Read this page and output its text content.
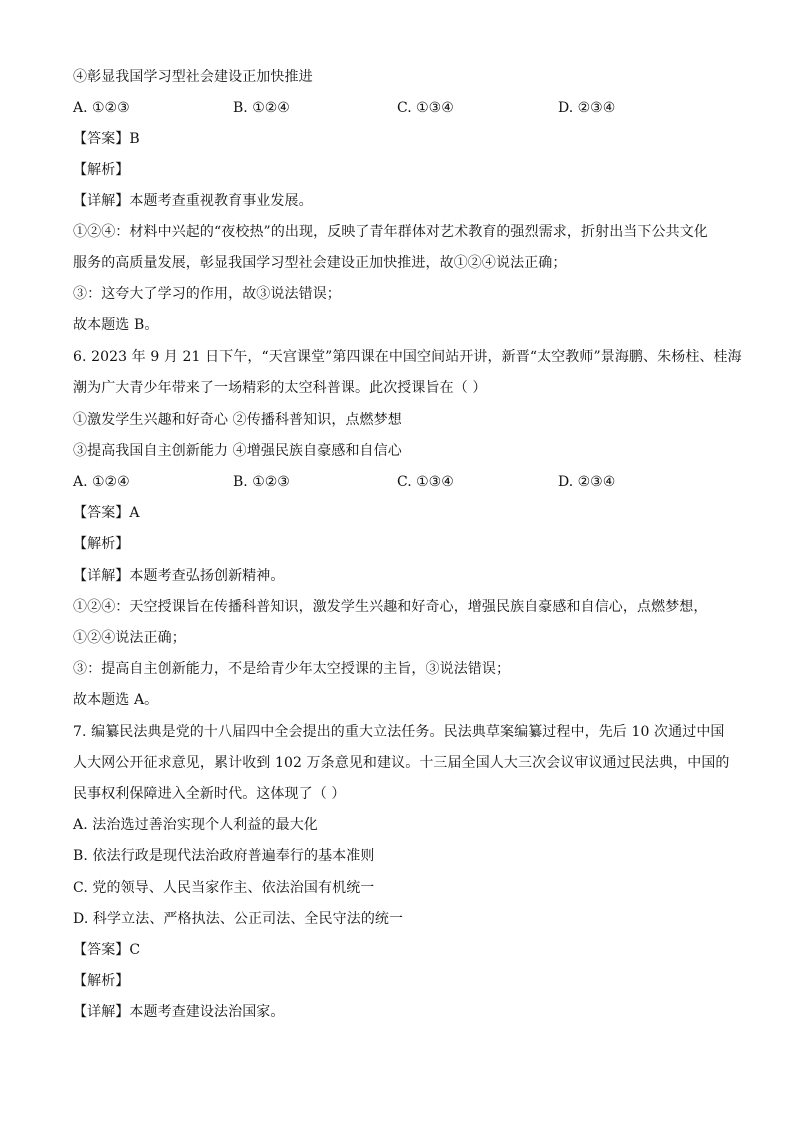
④彰显我国学习型社会建设正加快推进
A. ①②③	B. ①②④	C. ①③④	D. ②③④
【答案】B
【解析】
【详解】本题考查重视教育事业发展。
①②④：材料中兴起的“夜校热”的出现，反映了青年群体对艺术教育的强烈需求，折射出当下公共文化
服务的高质量发展，彰显我国学习型社会建设正加快推进，故①②④说法正确；
③：这夸大了学习的作用，故③说法错误；
故本题选 B。
6. 2023 年 9 月 21 日下午，“天宫课堂”第四课在中国空间站开讲，新晋“太空教师”景海鹏、朱杨柱、桂海
潮为广大青少年带来了一场精彩的太空科普课。此次授课旨在（ ）
①激发学生兴趣和好奇心 ②传播科普知识，点燃梦想
③提高我国自主创新能力 ④增强民族自豪感和自信心
A. ①②④	B. ①②③	C. ①③④	D. ②③④
【答案】A
【解析】
【详解】本题考查弘扬创新精神。
①②④：天空授课旨在传播科普知识，激发学生兴趣和好奇心，增强民族自豪感和自信心，点燃梦想，
①②④说法正确；
③：提高自主创新能力，不是给青少年太空授课的主旨，③说法错误；
故本题选 A。
7. 编纂民法典是党的十八届四中全会提出的重大立法任务。民法典草案编纂过程中，先后 10 次通过中国
人大网公开征求意见，累计收到 102 万条意见和建议。十三届全国人大三次会议审议通过民法典，中国的
民事权利保障进入全新时代。这体现了（ ）
A. 法治选过善治实现个人利益的最大化
B. 依法行政是现代法治政府普遍奉行的基本准则
C. 党的领导、人民当家作主、依法治国有机统一
D. 科学立法、严格执法、公正司法、全民守法的统一
【答案】C
【解析】
【详解】本题考查建设法治国家。
